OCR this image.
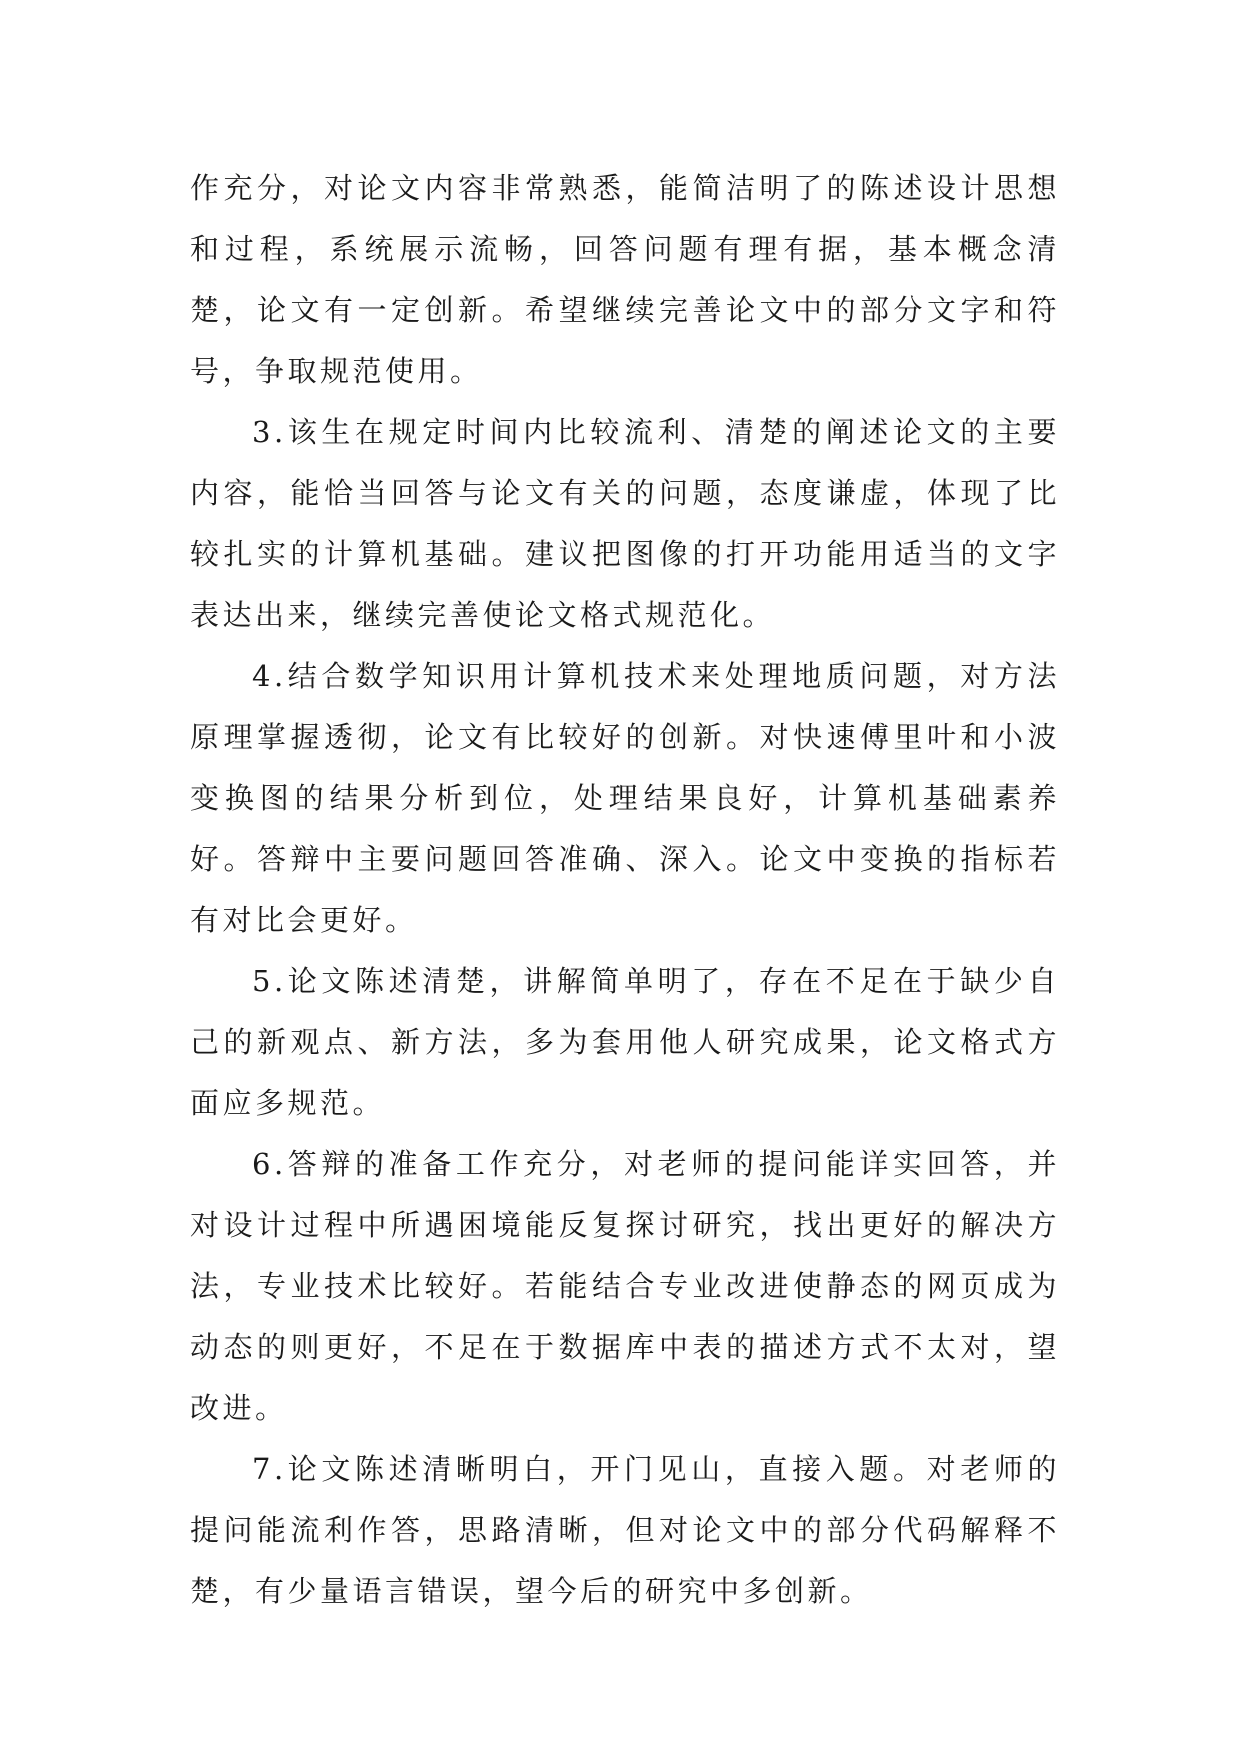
作充分，对论文内容非常熟悉，能简洁明了的陈述设计思想和过程，系统展示流畅，回答问题有理有据，基本概念清楚，论文有一定创新。希望继续完善论文中的部分文字和符号，争取规范使用。

3.该生在规定时间内比较流利、清楚的阐述论文的主要内容，能恰当回答与论文有关的问题，态度谦虚，体现了比较扎实的计算机基础。建议把图像的打开功能用适当的文字表达出来，继续完善使论文格式规范化。

4.结合数学知识用计算机技术来处理地质问题，对方法原理掌握透彻，论文有比较好的创新。对快速傅里叶和小波变换图的结果分析到位，处理结果良好，计算机基础素养好。答辩中主要问题回答准确、深入。论文中变换的指标若有对比会更好。

5.论文陈述清楚，讲解简单明了，存在不足在于缺少自己的新观点、新方法，多为套用他人研究成果，论文格式方面应多规范。

6.答辩的准备工作充分，对老师的提问能详实回答，并对设计过程中所遇困境能反复探讨研究，找出更好的解决方法，专业技术比较好。若能结合专业改进使静态的网页成为动态的则更好，不足在于数据库中表的描述方式不太对，望改进。

7.论文陈述清晰明白，开门见山，直接入题。对老师的提问能流利作答，思路清晰，但对论文中的部分代码解释不楚，有少量语言错误，望今后的研究中多创新。
